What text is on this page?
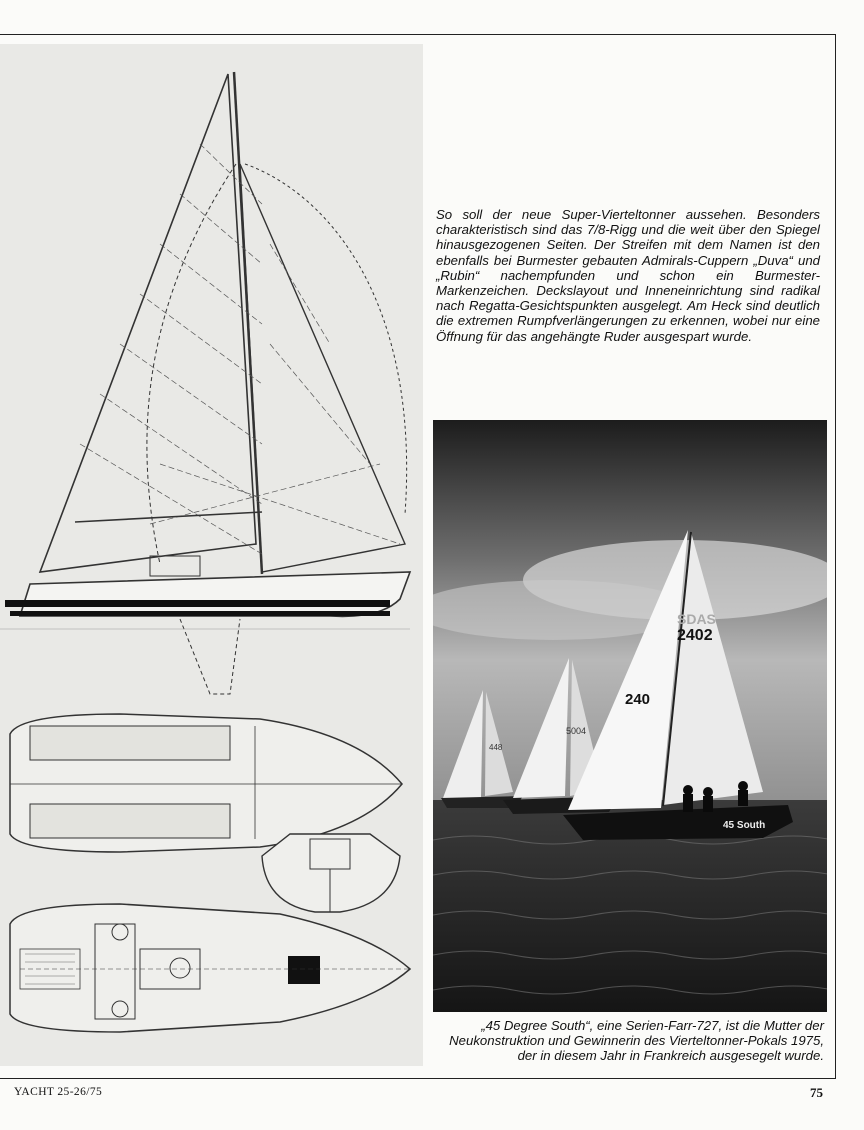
So soll der neue Super-Vierteltonner aussehen. Besonders charakteristisch sind das 7/8-Rigg und die weit über den Spiegel hinausgezogenen Seiten. Der Streifen mit dem Namen ist den ebenfalls bei Burmester gebauten Admirals-Cuppern „Duva“ und „Rubin“ nachempfunden und schon ein Burmester-Markenzeichen. Deckslayout und Inneneinrichtung sind radikal nach Regatta-Gesichtspunkten ausgelegt. Am Heck sind deutlich die extremen Rumpfverlängerungen zu erkennen, wobei nur eine Öffnung für das angehängte Ruder ausgespart wurde.

448
5004
SDAS
2402
240
45 South

„45 Degree South“, eine Serien-Farr-727, ist die Mutter der Neukonstruktion und Gewinnerin des Vierteltonner-Pokals 1975, der in diesem Jahr in Frankreich ausgesegelt wurde.

YACHT 25-26/75	75
